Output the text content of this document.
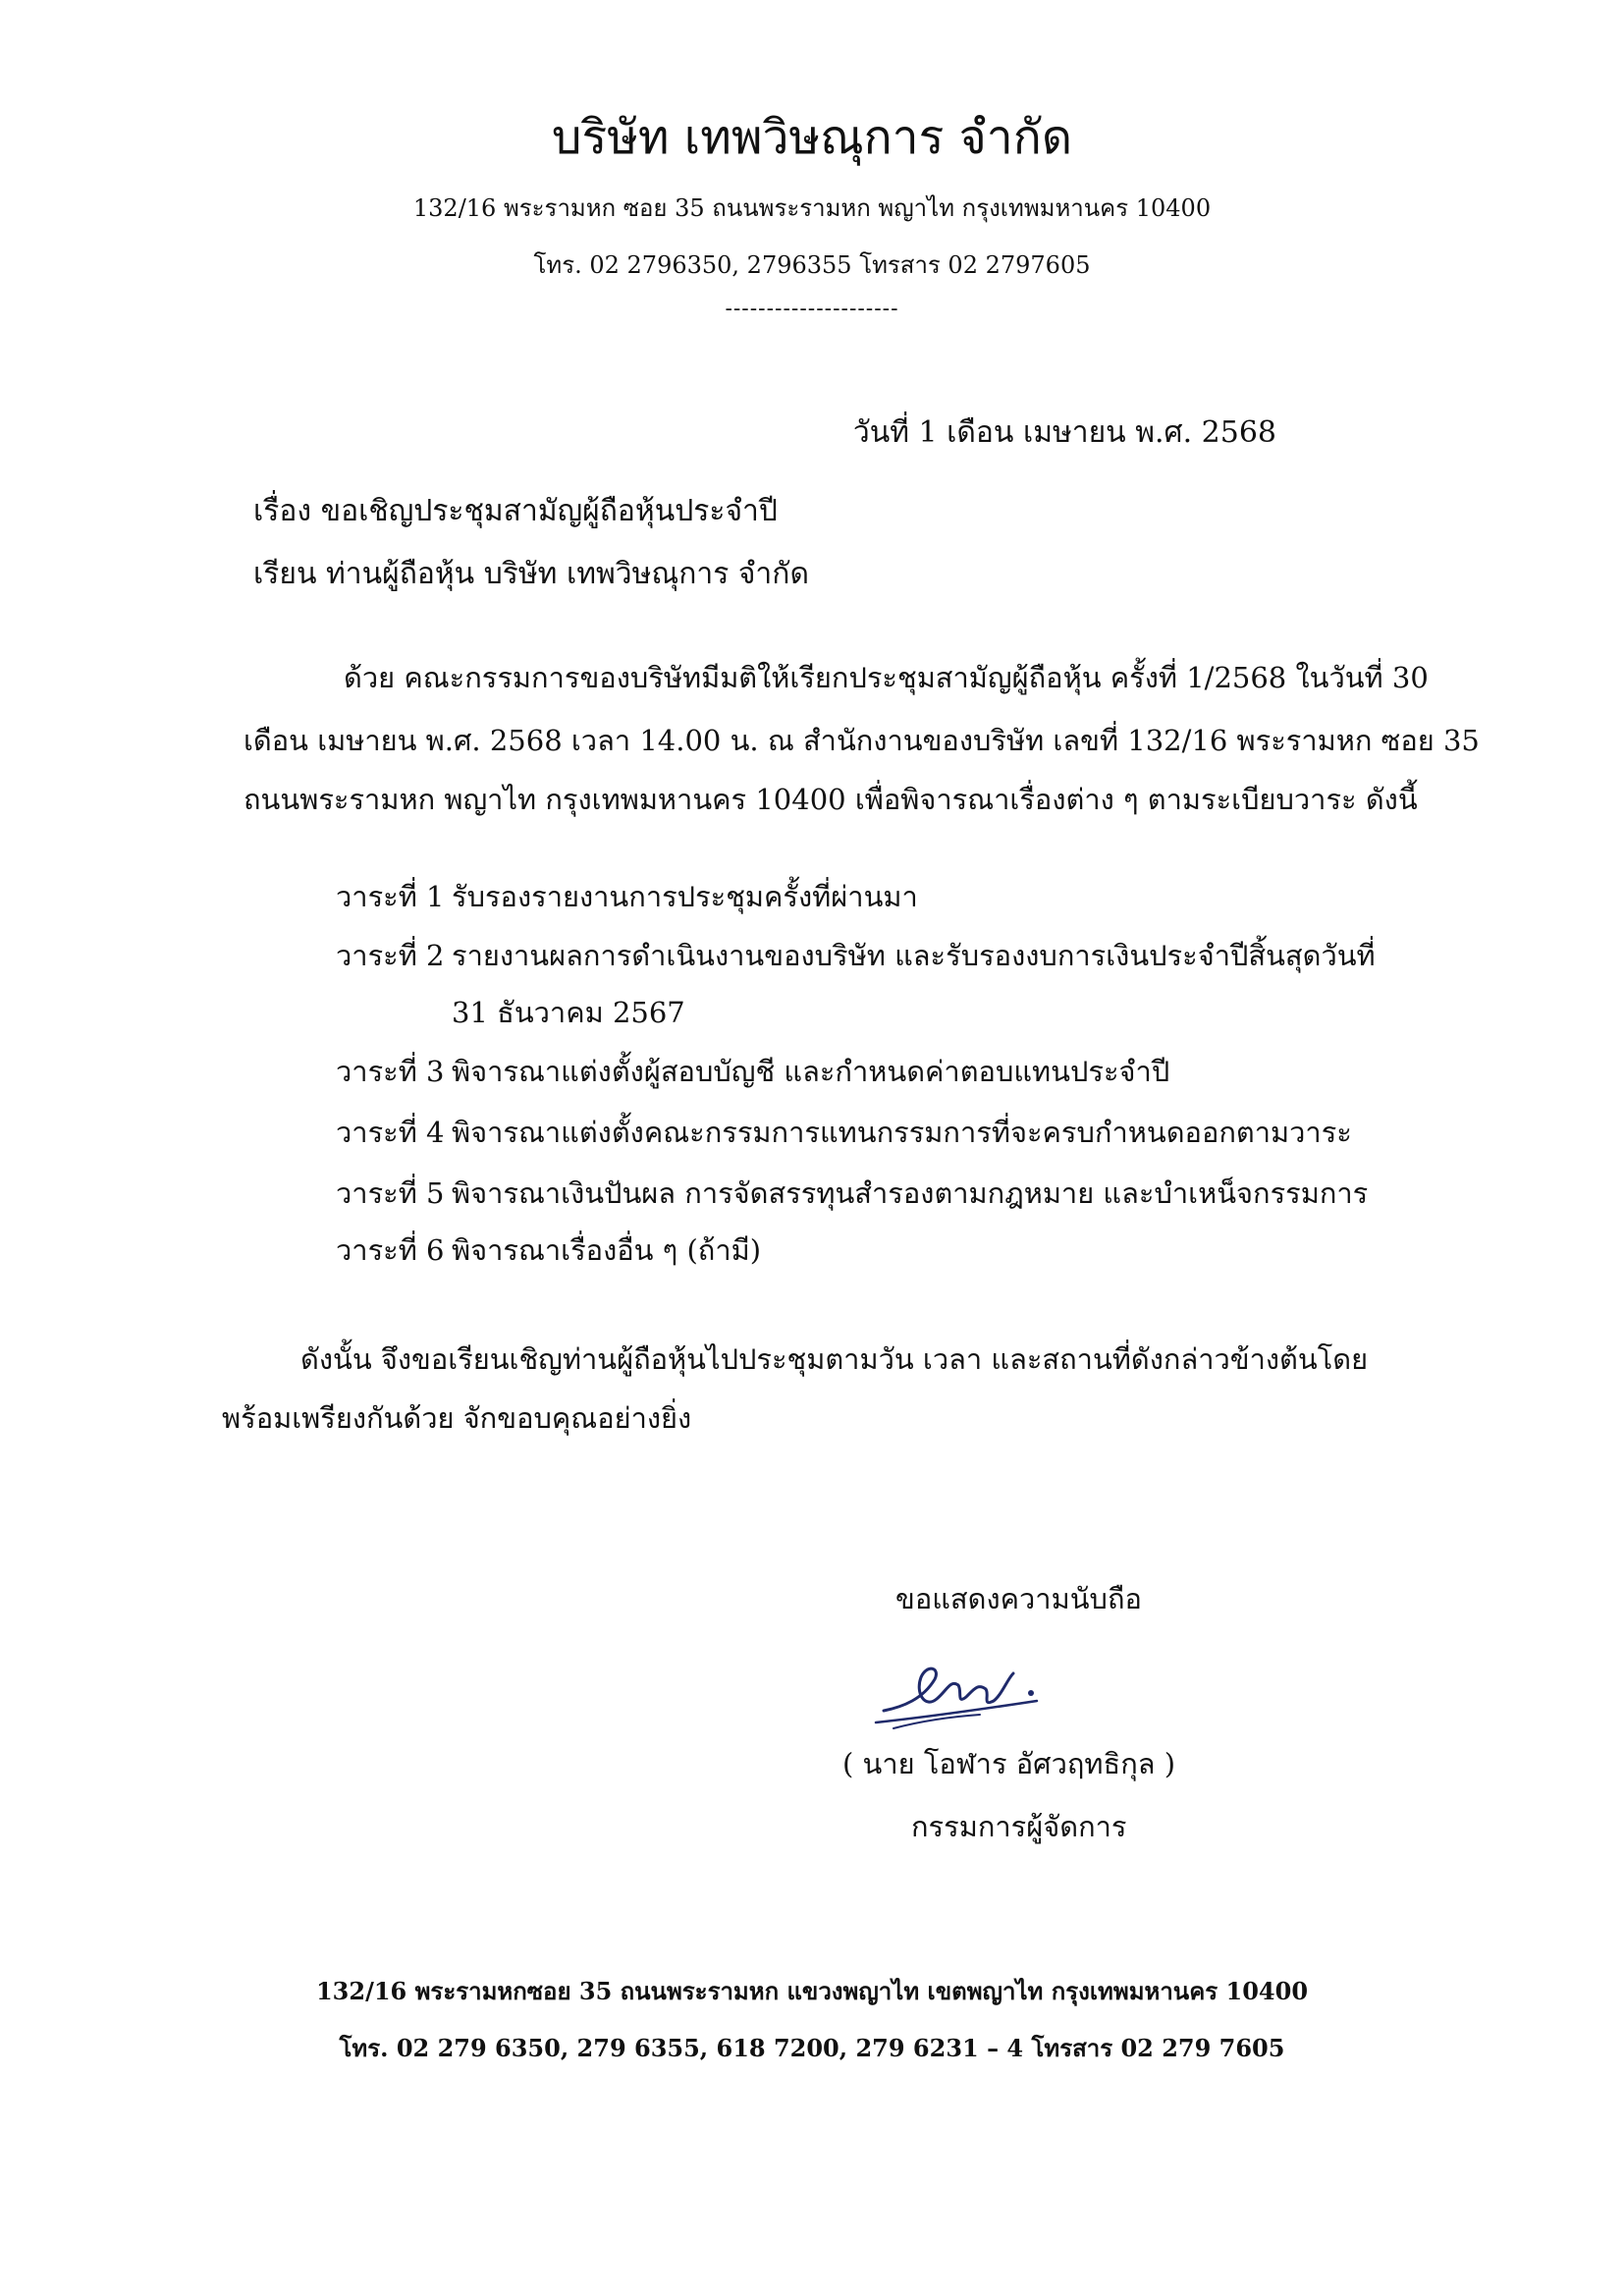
บริษัท เทพวิษณุการ จำกัด
132/16 พระรามหก ซอย 35 ถนนพระรามหก พญาไท กรุงเทพมหานคร 10400
โทร. 02 2796350, 2796355 โทรสาร 02 2797605
---------------------
วันที่ 1 เดือน เมษายน พ.ศ. 2568
เรื่อง ขอเชิญประชุมสามัญผู้ถือหุ้นประจำปี
เรียน ท่านผู้ถือหุ้น บริษัท เทพวิษณุการ จำกัด
ด้วย คณะกรรมการของบริษัทมีมติให้เรียกประชุมสามัญผู้ถือหุ้น ครั้งที่ 1/2568 ในวันที่ 30
เดือน เมษายน พ.ศ. 2568 เวลา 14.00 น. ณ สำนักงานของบริษัท เลขที่ 132/16 พระรามหก ซอย 35
ถนนพระรามหก พญาไท กรุงเทพมหานคร 10400 เพื่อพิจารณาเรื่องต่าง ๆ ตามระเบียบวาระ ดังนี้
วาระที่ 1 รับรองรายงานการประชุมครั้งที่ผ่านมา
วาระที่ 2 รายงานผลการดำเนินงานของบริษัท และรับรองงบการเงินประจำปีสิ้นสุดวันที่
31 ธันวาคม 2567
วาระที่ 3 พิจารณาแต่งตั้งผู้สอบบัญชี และกำหนดค่าตอบแทนประจำปี
วาระที่ 4 พิจารณาแต่งตั้งคณะกรรมการแทนกรรมการที่จะครบกำหนดออกตามวาระ
วาระที่ 5 พิจารณาเงินปันผล การจัดสรรทุนสำรองตามกฎหมาย และบำเหน็จกรรมการ
วาระที่ 6 พิจารณาเรื่องอื่น ๆ (ถ้ามี)
ดังนั้น จึงขอเรียนเชิญท่านผู้ถือหุ้นไปประชุมตามวัน เวลา และสถานที่ดังกล่าวข้างต้นโดย
พร้อมเพรียงกันด้วย จักขอบคุณอย่างยิ่ง
ขอแสดงความนับถือ
( นาย โอฬาร อัศวฤทธิกุล )
กรรมการผู้จัดการ
132/16 พระรามหกซอย 35 ถนนพระรามหก แขวงพญาไท เขตพญาไท กรุงเทพมหานคร 10400
โทร. 02 279 6350, 279 6355, 618 7200, 279 6231 – 4 โทรสาร 02 279 7605
